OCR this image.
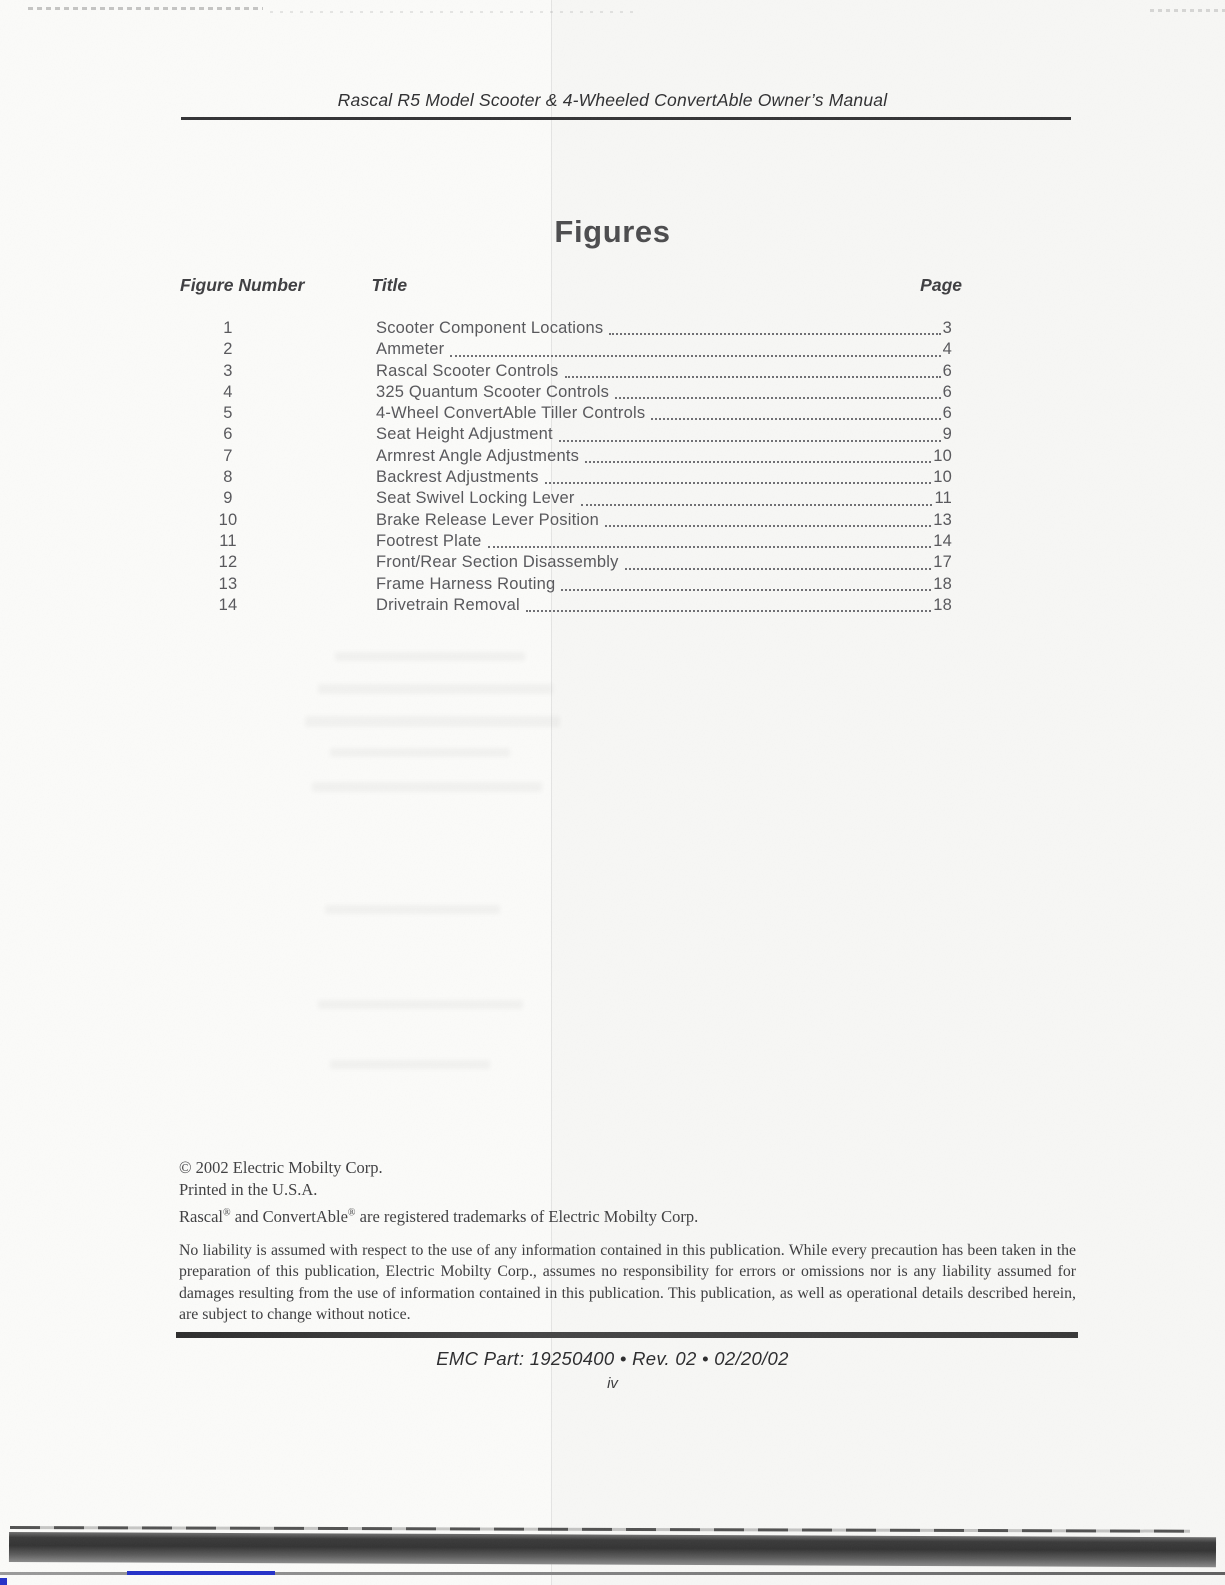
Rascal R5 Model Scooter & 4-Wheeled ConvertAble Owner’s Manual
Figures
Figure Number	Title	Page
1	Scooter Component Locations	3
2	Ammeter	4
3	Rascal Scooter Controls	6
4	325 Quantum Scooter Controls	6
5	4-Wheel ConvertAble Tiller Controls	6
6	Seat Height Adjustment	9
7	Armrest Angle Adjustments	10
8	Backrest Adjustments	10
9	Seat Swivel Locking Lever	11
10	Brake Release Lever Position	13
11	Footrest Plate	14
12	Front/Rear Section Disassembly	17
13	Frame Harness Routing	18
14	Drivetrain Removal	18
© 2002 Electric Mobilty Corp.
Printed in the U.S.A.
Rascal® and ConvertAble® are registered trademarks of Electric Mobilty Corp.
No liability is assumed with respect to the use of any information contained in this publication. While every precaution has been taken in the preparation of this publication, Electric Mobilty Corp., assumes no responsibility for errors or omissions nor is any liability assumed for damages resulting from the use of information contained in this publication. This publication, as well as operational details described herein, are subject to change without notice.
EMC Part: 19250400 • Rev. 02 • 02/20/02
iv
